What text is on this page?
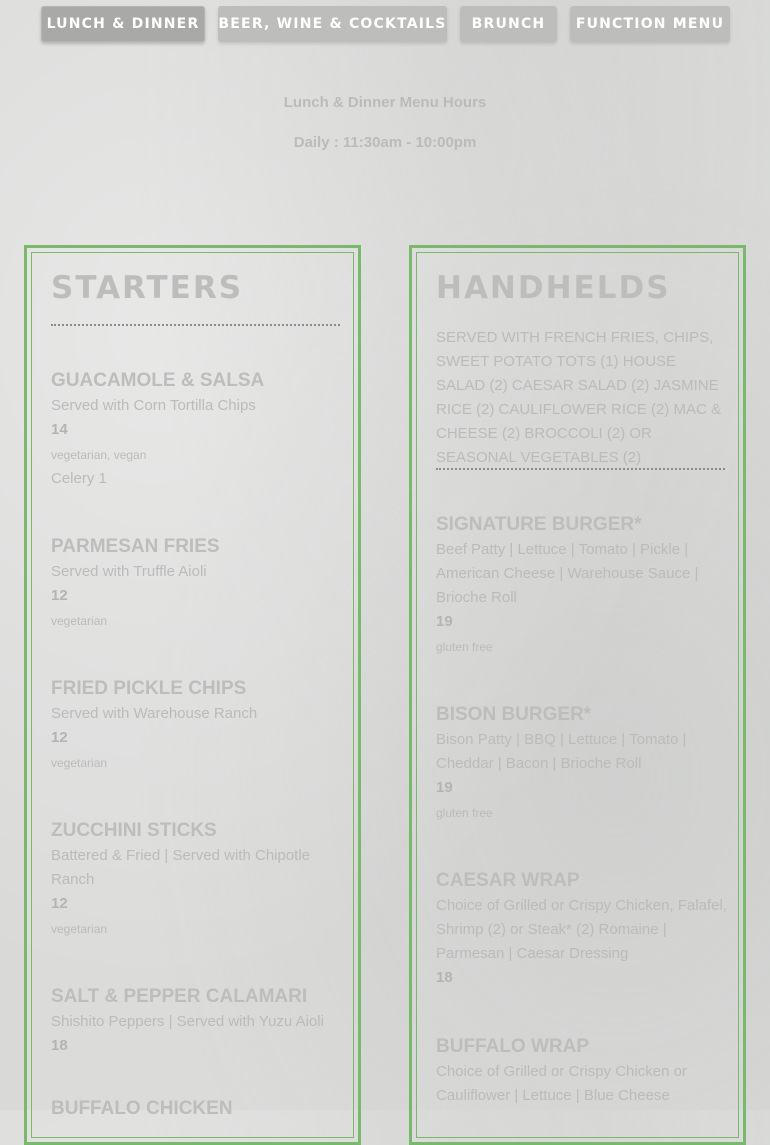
LUNCH & DINNER	BEER, WINE & COCKTAILS	BRUNCH	FUNCTION MENU
Lunch & Dinner Menu Hours
Daily : 11:30am - 10:00pm
STARTERS

GUACAMOLE & SALSA

Served with Corn Tortilla Chips

14

vegetarian, vegan

Celery 1

PARMESAN FRIES

Served with Truffle Aioli

12

vegetarian

FRIED PICKLE CHIPS

Served with Warehouse Ranch

12

vegetarian

ZUCCHINI STICKS

Battered & Fried | Served with Chipotle Ranch

12

vegetarian

SALT & PEPPER CALAMARI

Shishito Peppers | Served with Yuzu Aioli

18

BUFFALO CHICKEN

HANDHELDS

SERVED WITH FRENCH FRIES, CHIPS, SWEET POTATO TOTS (1) HOUSE SALAD (2) CAESAR SALAD (2) JASMINE RICE (2) CAULIFLOWER RICE (2) MAC & CHEESE (2) BROCCOLI (2) OR SEASONAL VEGETABLES (2)

SIGNATURE BURGER*

Beef Patty | Lettuce | Tomato | Pickle | American Cheese | Warehouse Sauce | Brioche Roll

19

gluten free

BISON BURGER*

Bison Patty | BBQ | Lettuce | Tomato | Cheddar | Bacon | Brioche Roll

19

gluten free

CAESAR WRAP

Choice of Grilled or Crispy Chicken, Falafel, Shrimp (2) or Steak* (2) Romaine | Parmesan | Caesar Dressing

18

BUFFALO WRAP

Choice of Grilled or Crispy Chicken or Cauliflower | Lettuce | Blue Cheese
